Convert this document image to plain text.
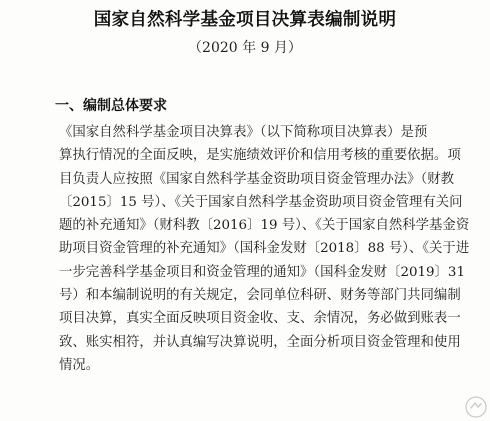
国家自然科学基金项目决算表编制说明
（2020 年 9 月）
一、编制总体要求
《国家自然科学基金项目决算表》（以下简称项目决算表）是预
算执行情况的全面反映，是实施绩效评价和信用考核的重要依据。项
目负责人应按照《国家自然科学基金资助项目资金管理办法》（财教
〔2015〕15 号）、《关于国家自然科学基金资助项目资金管理有关问
题的补充通知》（财科教〔2016〕19 号）、《关于国家自然科学基金资
助项目资金管理的补充通知》（国科金发财〔2018〕88 号）、《关于进
一步完善科学基金项目和资金管理的通知》（国科金发财〔2019〕31
号）和本编制说明的有关规定，会同单位科研、财务等部门共同编制
项目决算，真实全面反映项目资金收、支、余情况，务必做到账表一
致、账实相符，并认真编写决算说明，全面分析项目资金管理和使用
情况。
